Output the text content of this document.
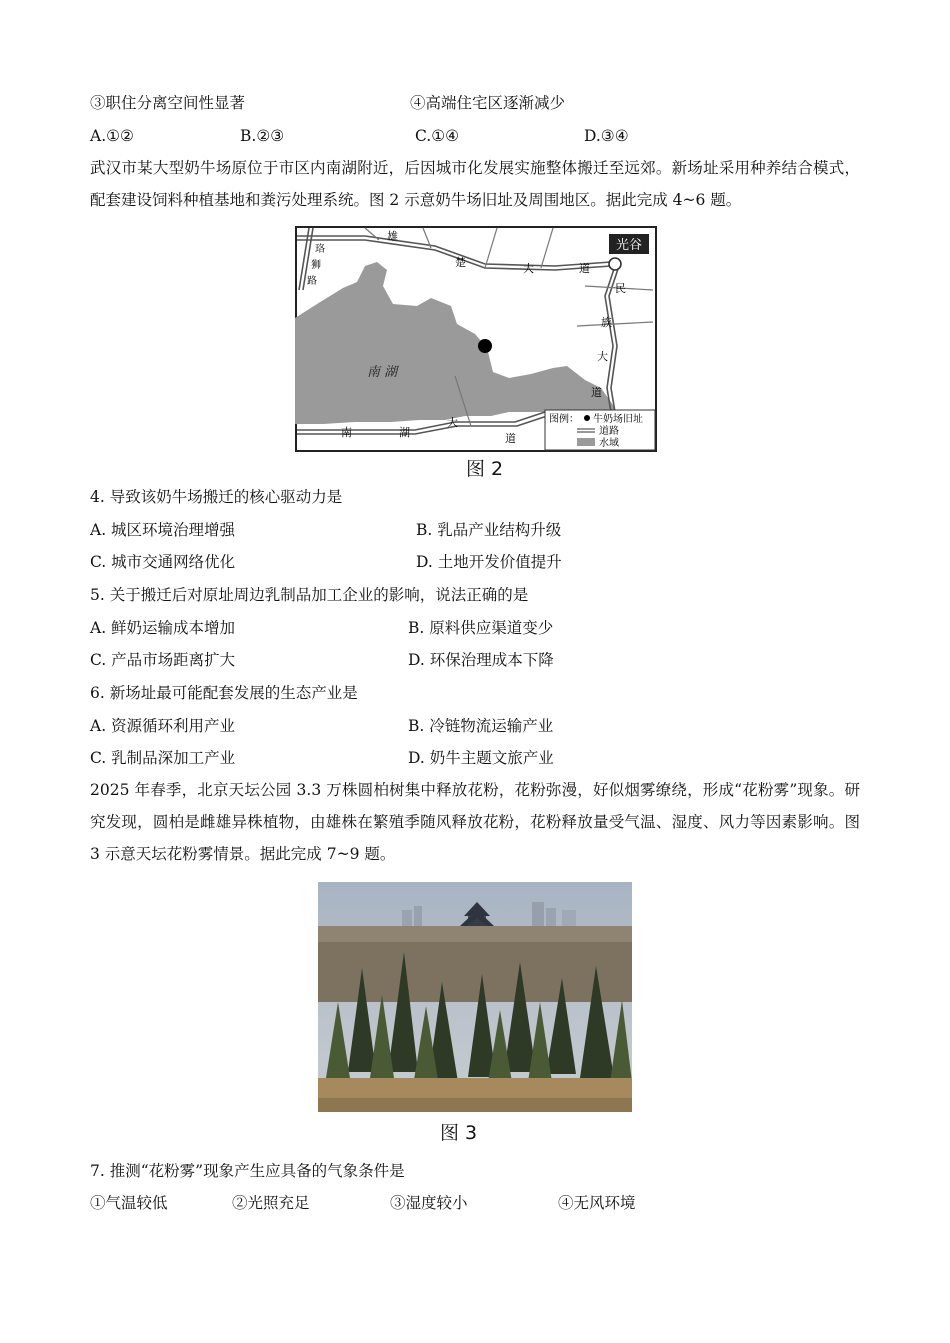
③职住分离空间性显著	④高端住宅区逐渐减少
A.①②	B.②③	C.①④	D.③④
武汉市某大型奶牛场原位于市区内南湖附近，后因城市化发展实施整体搬迁至远郊。新场址采用种养结合模式，配套建设饲料种植基地和粪污处理系统。图 2 示意奶牛场旧址及周围地区。据此完成 4~6 题。
光谷
雄
楚	大	道
珞
狮
路
民
族
大
道
南	湖
大
道
南 湖
图例： 牛奶场旧址
道路
水域
图 2
4. 导致该奶牛场搬迁的核心驱动力是
A. 城区环境治理增强	B. 乳品产业结构升级
C. 城市交通网络优化	D. 土地开发价值提升
5. 关于搬迁后对原址周边乳制品加工企业的影响，说法正确的是
A. 鲜奶运输成本增加	B. 原料供应渠道变少
C. 产品市场距离扩大	D. 环保治理成本下降
6. 新场址最可能配套发展的生态产业是
A. 资源循环利用产业	B. 冷链物流运输产业
C. 乳制品深加工产业	D. 奶牛主题文旅产业
2025 年春季，北京天坛公园 3.3 万株圆柏树集中释放花粉，花粉弥漫，好似烟雾缭绕，形成“花粉雾”现象。研究发现，圆柏是雌雄异株植物，由雄株在繁殖季随风释放花粉，花粉释放量受气温、湿度、风力等因素影响。图 3 示意天坛花粉雾情景。据此完成 7~9 题。
图 3
7. 推测“花粉雾”现象产生应具备的气象条件是
①气温较低	②光照充足	③湿度较小	④无风环境
